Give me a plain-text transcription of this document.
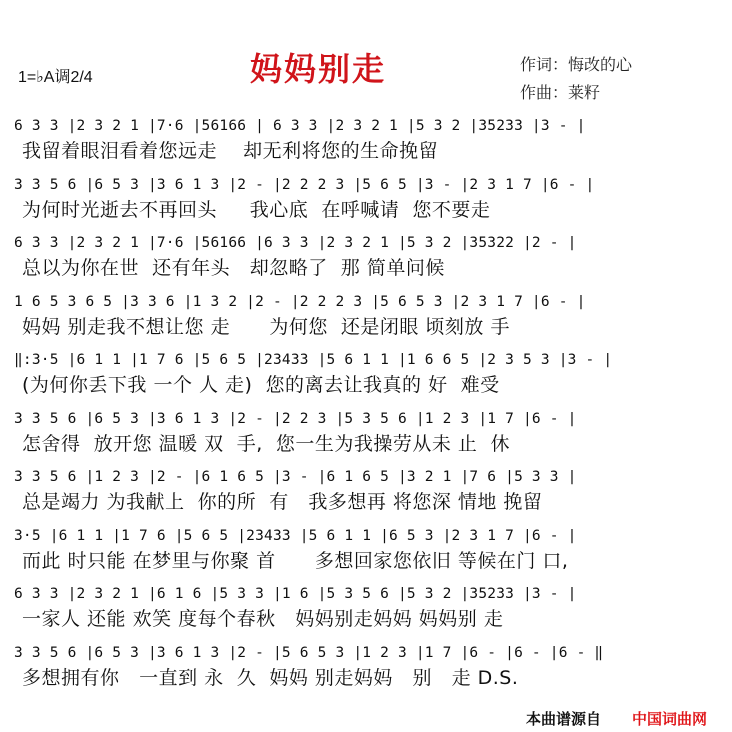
1=♭A调2/4	妈妈别走	作词：悔改的心
作曲：莱籽
6 3 3 |2 3 2 1 |7·6 |56166 | 6 3 3 |2 3 2 1 |5 3 2 |35233 |3 - |
我留着眼泪看着您远走    却无利将您的生命挽留
3 3 5 6 |6 5 3 |3 6 1 3 |2 - |2 2 2 3 |5 6 5 |3 - |2 3 1 7 |6 - |
为何时光逝去不再回头     我心底  在呼喊请  您不要走
6 3 3 |2 3 2 1 |7·6 |56166 |6 3 3 |2 3 2 1 |5 3 2 |35322 |2 - |
总以为你在世  还有年头   却忽略了  那 简单问候
1 6 5 3 6 5 |3 3 6 |1 3 2 |2 - |2 2 2 3 |5 6 5 3 |2 3 1 7 |6 - |
妈妈 别走我不想让您 走      为何您  还是闭眼 顷刻放 手
‖:3·5 |6 1 1 |1 7 6 |5 6 5 |23433 |5 6 1 1 |1 6 6 5 |2 3 5 3 |3 - |
(为何你丢下我 一个 人 走)  您的离去让我真的 好  难受
3 3 5 6 |6 5 3 |3 6 1 3 |2 - |2 2 3 |5 3 5 6 |1 2 3 |1 7 |6 - |
怎舍得  放开您 温暖 双  手,  您一生为我操劳从未 止  休
3 3 5 6 |1 2 3 |2 - |6 1 6 5 |3 - |6 1 6 5 |3 2 1 |7 6 |5 3 3 |
总是竭力 为我献上  你的所  有   我多想再 将您深 情地 挽留
3·5 |6 1 1 |1 7 6 |5 6 5 |23433 |5 6 1 1 |6 5 3 |2 3 1 7 |6 - |
而此 时只能 在梦里与你聚 首      多想回家您依旧 等候在门 口,
6 3 3 |2 3 2 1 |6 1 6 |5 3 3 |1 6 |5 3 5 6 |5 3 2 |35233 |3 - |
一家人 还能 欢笑 度每个春秋   妈妈别走妈妈 妈妈别 走
3 3 5 6 |6 5 3 |3 6 1 3 |2 - |5 6 5 3 |1 2 3 |1 7 |6 - |6 - |6 - ‖
多想拥有你   一直到 永  久  妈妈 别走妈妈   别   走 D.S.
本曲谱源自 中国词曲网
